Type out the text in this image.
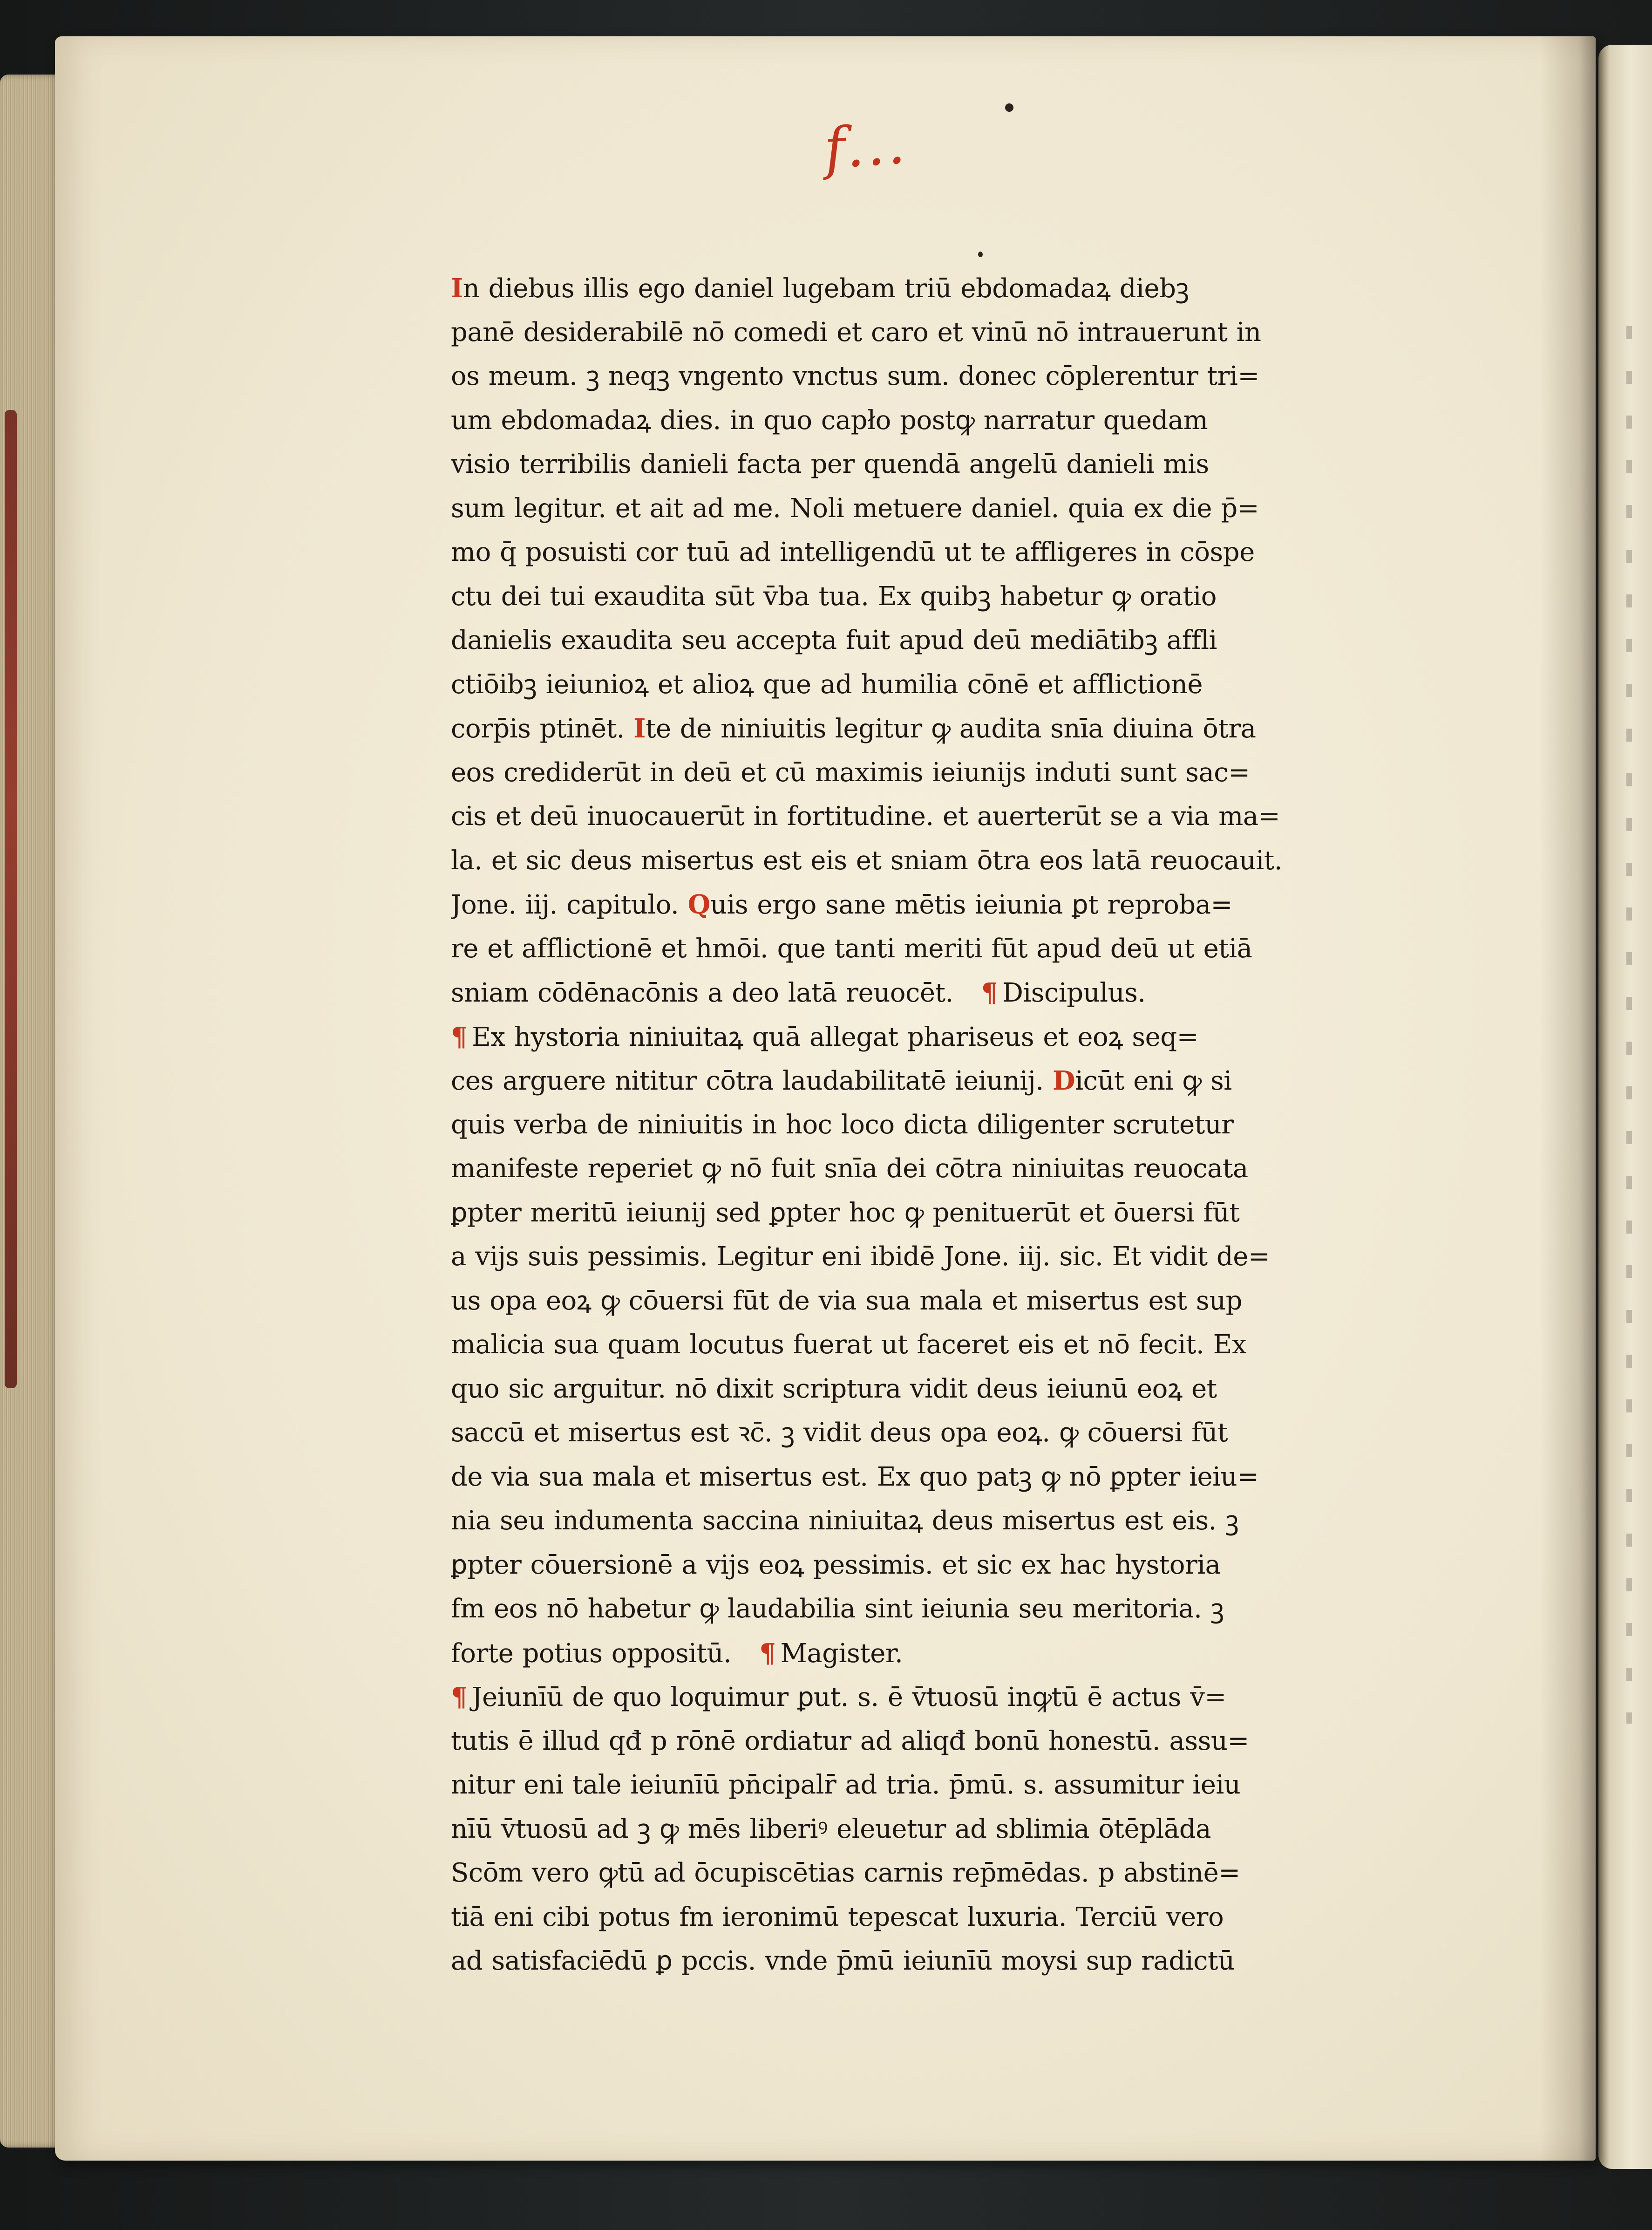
f...
In diebus illis ego daniel lugebam triū ebdomadaꝝ diebꝫ
panē desiderabilē nō comedi et caro et vinū nō intrauerunt in
os meum. ꝫ neqꝫ vngento vnctus sum. donec cōplerentur tri=
um ebdomadaꝝ dies. in quo capło postꝙ narratur quedam
visio terribilis danieli facta per quendā angelū danieli mis
sum legitur. et ait ad me. Noli metuere daniel. quia ex die p̄=
mo q̄ posuisti cor tuū ad intelligendū ut te affligeres in cōspe
ctu dei tui exaudita sūt v̄ba tua. Ex quibꝫ habetur ꝙ oratio
danielis exaudita seu accepta fuit apud deū mediātibꝫ affli
ctiōibꝫ ieiunioꝝ et alioꝝ que ad humilia cōnē et afflictionē
corp̄is ptinēt. Ite de niniuitis legitur ꝙ audita snīa diuina ōtra
eos crediderūt in deū et cū maximis ieiunijs induti sunt sac=
cis et deū inuocauerūt in fortitudine. et auerterūt se a via ma=
la. et sic deus misertus est eis et sniam ōtra eos latā reuocauit.
Jone. iij. capitulo. Quis ergo sane mētis ieiunia ꝑt reproba=
re et afflictionē et hmōi. que tanti meriti fūt apud deū ut etiā
sniam cōdēnacōnis a deo latā reuocēt. ¶ Discipulus.
¶ Ex hystoria niniuitaꝝ quā allegat phariseus et eoꝝ seq=
ces arguere nititur cōtra laudabilitatē ieiunij. Dicūt eni ꝙ si
quis verba de niniuitis in hoc loco dicta diligenter scrutetur
manifeste reperiet ꝙ nō fuit snīa dei cōtra niniuitas reuocata
ꝑpter meritū ieiunij sed ꝑpter hoc ꝙ penituerūt et ōuersi fūt
a vijs suis pessimis. Legitur eni ibidē Jone. iij. sic. Et vidit de=
us opa eoꝝ ꝙ cōuersi fūt de via sua mala et misertus est sup
malicia sua quam locutus fuerat ut faceret eis et nō fecit. Ex
quo sic arguitur. nō dixit scriptura vidit deus ieiunū eoꝝ et
saccū et misertus est ꝛc̄. ꝫ vidit deus opa eoꝝ. ꝙ cōuersi fūt
de via sua mala et misertus est. Ex quo patꝫ ꝙ nō ꝑpter ieiu=
nia seu indumenta saccina niniuitaꝝ deus misertus est eis. ꝫ
ꝑpter cōuersionē a vijs eoꝝ pessimis. et sic ex hac hystoria
fm eos nō habetur ꝙ laudabilia sint ieiunia seu meritoria. ꝫ
forte potius oppositū. ¶ Magister.
¶ Jeiunīū de quo loquimur ꝑut. s. ē v̄tuosū inꝙtū ē actus v̄=
tutis ē illud qđ p rōnē ordiatur ad aliqđ bonū honestū. assu=
nitur eni tale ieiunīū pn̄cipalr̄ ad tria. p̄mū. s. assumitur ieiu
nīū v̄tuosū ad ꝫ ꝙ mēs liberiꝰ eleuetur ad sblimia ōtēplāda
Scōm vero ꝙtū ad ōcupiscētias carnis rep̄mēdas. p abstinē=
tiā eni cibi potus fm ieronimū tepescat luxuria. Terciū vero
ad satisfaciēdū ꝑ pccis. vnde p̄mū ieiunīū moysi sup radictū
